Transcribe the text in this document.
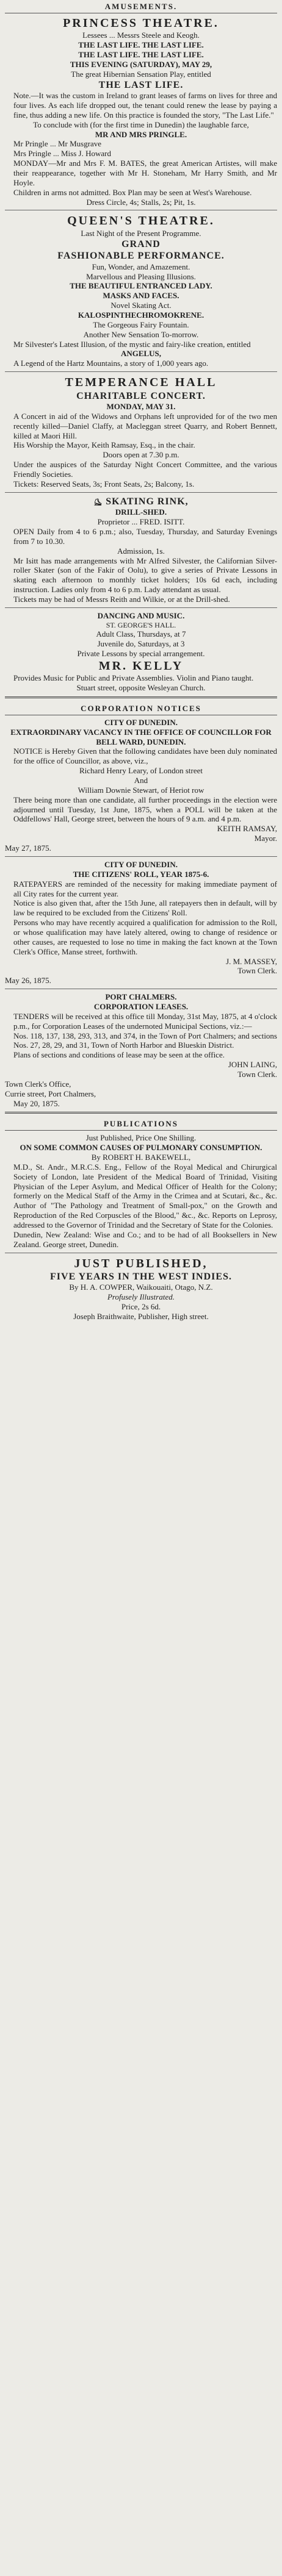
AMUSEMENTS.
PRINCESS THEATRE.
Lessees ... Messrs Steele and Keogh.
THE LAST LIFE. THE LAST LIFE.
THE LAST LIFE. THE LAST LIFE.
THIS EVENING (SATURDAY), MAY 29,
The great Hibernian Sensation Play, entitled
THE LAST LIFE.

Note.—It was the custom in Ireland to grant leases of farms on lives for three and four lives. As each life dropped out, the tenant could renew the lease by paying a fine, thus adding a new life. On this practice is founded the story, "The Last Life."

To conclude with (for the first time in Dunedin) the laughable farce,
MR AND MRS PRINGLE.
Mr Pringle ... Mr Musgrave
Mrs Pringle ... Miss J. Howard

MONDAY—Mr and Mrs F. M. BATES, the great American Artistes, will make their reappearance, together with Mr H. Stoneham, Mr Harry Smith, and Mr Hoyle.

Children in arms not admitted. Box Plan may be seen at West's Warehouse.

Dress Circle, 4s; Stalls, 2s; Pit, 1s.
QUEEN'S THEATRE.
Last Night of the Present Programme.
GRAND
FASHIONABLE PERFORMANCE.
Fun, Wonder, and Amazement.
Marvellous and Pleasing Illusions.
THE BEAUTIFUL ENTRANCED LADY.
MASKS AND FACES.
Novel Skating Act.
KALOSPINTHECHROMOKRENE.
The Gorgeous Fairy Fountain.
Another New Sensation To-morrow.

Mr Silvester's Latest Illusion, of the mystic and fairy-like creation, entitled

ANGELUS,

A Legend of the Hartz Mountains, a story of 1,000 years ago.

TEMPERANCE HALL
CHARITABLE CONCERT.
MONDAY, MAY 31.

A Concert in aid of the Widows and Orphans left unprovided for of the two men recently killed—Daniel Claffy, at Macleggan street Quarry, and Robert Bennett, killed at Maori Hill.

His Worship the Mayor, Keith Ramsay, Esq., in the chair.

Doors open at 7.30 p.m.

Under the auspices of the Saturday Night Concert Committee, and the various Friendly Societies.

Tickets: Reserved Seats, 3s; Front Seats, 2s; Balcony, 1s.

⛸ SKATING RINK,
DRILL-SHED.
Proprietor ... FRED. ISITT.

OPEN Daily from 4 to 6 p.m.; also, Tuesday, Thursday, and Saturday Evenings from 7 to 10.30.

Admission, 1s.

Mr Isitt has made arrangements with Mr Alfred Silvester, the Californian Silver-roller Skater (son of the Fakir of Oolu), to give a series of Private Lessons in skating each afternoon to monthly ticket holders; 10s 6d each, including instruction. Ladies only from 4 to 6 p.m. Lady attendant as usual.

Tickets may be had of Messrs Reith and Wilkie, or at the Drill-shed.

DANCING AND MUSIC.
ST. GEORGE'S HALL.
Adult Class, Thursdays, at 7
Juvenile do, Saturdays, at 3
Private Lessons by special arrangement.
MR. KELLY

Provides Music for Public and Private Assemblies. Violin and Piano taught.

Stuart street, opposite Wesleyan Church.
CORPORATION NOTICES
CITY OF DUNEDIN.
EXTRAORDINARY VACANCY IN THE OFFICE OF COUNCILLOR FOR BELL WARD, DUNEDIN.

NOTICE is Hereby Given that the following candidates have been duly nominated for the office of Councillor, as above, viz.,

Richard Henry Leary, of London street
And
William Downie Stewart, of Heriot row

There being more than one candidate, all further proceedings in the election were adjourned until Tuesday, 1st June, 1875, when a POLL will be taken at the Oddfellows' Hall, George street, between the hours of 9 a.m. and 4 p.m.

KEITH RAMSAY,
Mayor.
May 27, 1875.
CITY OF DUNEDIN.
THE CITIZENS' ROLL, YEAR 1875-6.

RATEPAYERS are reminded of the necessity for making immediate payment of all City rates for the current year.

Notice is also given that, after the 15th June, all ratepayers then in default, will by law be required to be excluded from the Citizens' Roll.

Persons who may have recently acquired a qualification for admission to the Roll, or whose qualification may have lately altered, owing to change of residence or other causes, are requested to lose no time in making the fact known at the Town Clerk's Office, Manse street, forthwith.

J. M. MASSEY,
Town Clerk.
May 26, 1875.
PORT CHALMERS.
CORPORATION LEASES.

TENDERS will be received at this office till Monday, 31st May, 1875, at 4 o'clock p.m., for Corporation Leases of the undernoted Municipal Sections, viz.:—

Nos. 118, 137, 138, 293, 313, and 374, in the Town of Port Chalmers; and sections Nos. 27, 28, 29, and 31, Town of North Harbor and Blueskin District.

Plans of sections and conditions of lease may be seen at the office.

JOHN LAING,
Town Clerk.
Town Clerk's Office,
Currie street, Port Chalmers,
May 20, 1875.
PUBLICATIONS
Just Published, Price One Shilling.
ON SOME COMMON CAUSES OF PULMONARY CONSUMPTION.
By ROBERT H. BAKEWELL,

M.D., St. Andr., M.R.C.S. Eng., Fellow of the Royal Medical and Chirurgical Society of London, late President of the Medical Board of Trinidad, Visiting Physician of the Leper Asylum, and Medical Officer of Health for the Colony; formerly on the Medical Staff of the Army in the Crimea and at Scutari, &c., &c. Author of "The Pathology and Treatment of Small-pox," on the Growth and Reproduction of the Red Corpuscles of the Blood," &c., &c. Reports on Leprosy, addressed to the Governor of Trinidad and the Secretary of State for the Colonies.

Dunedin, New Zealand: Wise and Co.; and to be had of all Booksellers in New Zealand. George street, Dunedin.

JUST PUBLISHED,
FIVE YEARS IN THE WEST INDIES.
By H. A. COWPER, Waikouaiti, Otago, N.Z.
Profusely Illustrated.
Price, 2s 6d.
Joseph Braithwaite, Publisher, High street.
